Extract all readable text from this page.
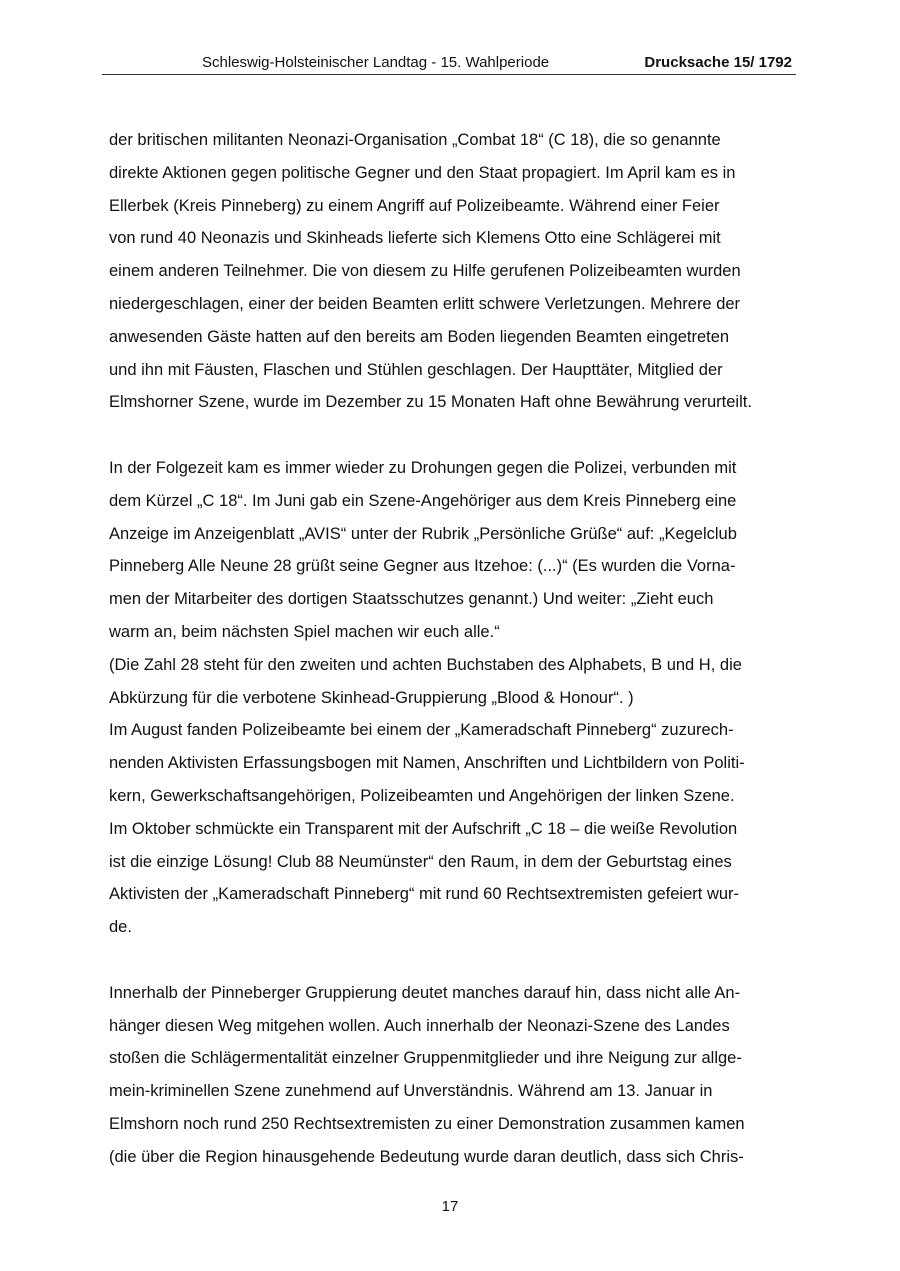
Schleswig-Holsteinischer Landtag - 15. Wahlperiode	Drucksache 15/ 1792
der britischen militanten Neonazi-Organisation „Combat 18“ (C 18), die so genannte
direkte Aktionen gegen politische Gegner und den Staat propagiert. Im April kam es in
Ellerbek (Kreis Pinneberg) zu einem Angriff auf Polizeibeamte. Während einer Feier
von rund 40 Neonazis und Skinheads lieferte sich Klemens Otto eine Schlägerei mit
einem anderen Teilnehmer. Die von diesem zu Hilfe gerufenen Polizeibeamten wurden
niedergeschlagen, einer der beiden Beamten erlitt schwere Verletzungen. Mehrere der
anwesenden Gäste hatten auf den bereits am Boden liegenden Beamten eingetreten
und ihn mit Fäusten, Flaschen und Stühlen geschlagen. Der Haupttäter, Mitglied der
Elmshorner Szene, wurde im Dezember zu 15 Monaten Haft ohne Bewährung verurteilt.
In der Folgezeit kam es immer wieder zu Drohungen gegen die Polizei, verbunden mit
dem Kürzel „C 18“. Im Juni gab ein Szene-Angehöriger aus dem Kreis Pinneberg eine
Anzeige im Anzeigenblatt „AVIS“ unter der Rubrik „Persönliche Grüße“ auf: „Kegelclub
Pinneberg Alle Neune 28 grüßt seine Gegner aus Itzehoe: (...)“ (Es wurden die Vorna-
men der Mitarbeiter des dortigen Staatsschutzes genannt.) Und weiter: „Zieht euch
warm an, beim nächsten Spiel machen wir euch alle.“
(Die Zahl 28 steht für den zweiten und achten Buchstaben des Alphabets, B und H, die
Abkürzung für die verbotene Skinhead-Gruppierung „Blood & Honour“. )
Im August fanden Polizeibeamte bei einem der „Kameradschaft Pinneberg“ zuzurech-
nenden Aktivisten Erfassungsbogen mit Namen, Anschriften und Lichtbildern von Politi-
kern, Gewerkschaftsangehörigen, Polizeibeamten und Angehörigen der linken Szene.
Im Oktober schmückte ein Transparent mit der Aufschrift „C 18 – die weiße Revolution
ist die einzige Lösung! Club 88 Neumünster“ den Raum, in dem der Geburtstag eines
Aktivisten der „Kameradschaft Pinneberg“ mit rund 60 Rechtsextremisten gefeiert wur-
de.
Innerhalb der Pinneberger Gruppierung deutet manches darauf hin, dass nicht alle An-
hänger diesen Weg mitgehen wollen. Auch innerhalb der Neonazi-Szene des Landes
stoßen die Schlägermentalität einzelner Gruppenmitglieder und ihre Neigung zur allge-
mein-kriminellen Szene zunehmend auf Unverständnis. Während am 13. Januar in
Elmshorn noch rund 250 Rechtsextremisten zu einer Demonstration zusammen kamen
(die über die Region hinausgehende Bedeutung wurde daran deutlich, dass sich Chris-
17
